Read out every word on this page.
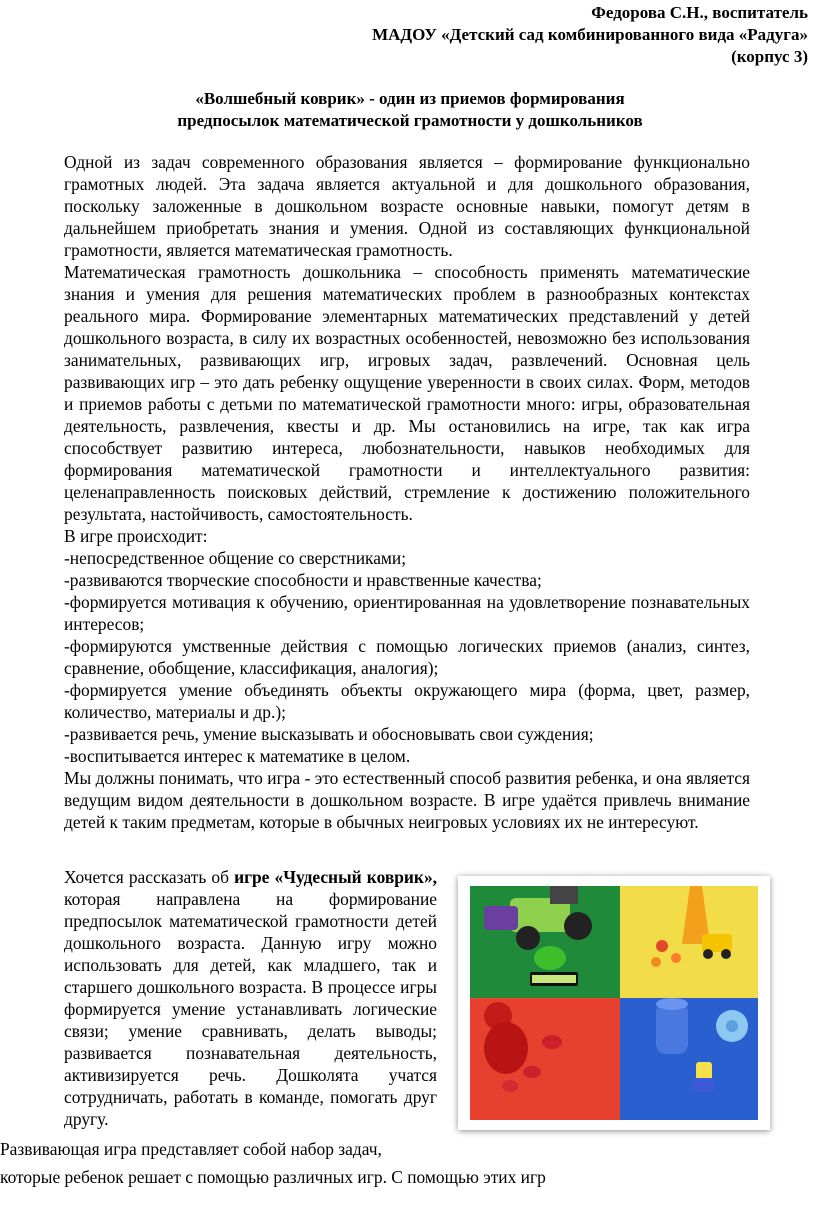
Федорова С.Н., воспитатель
МАДОУ «Детский сад комбинированного вида «Радуга»
(корпус 3)
«Волшебный коврик» - один из приемов формирования
предпосылок математической грамотности у дошкольников

Одной из задач современного образования является – формирование функционально грамотных людей. Эта задача является актуальной и для дошкольного образования, поскольку заложенные в дошкольном возрасте основные навыки, помогут детям в дальнейшем приобретать знания и умения. Одной из составляющих функциональной грамотности, является математическая грамотность.

Математическая грамотность дошкольника – способность применять математические знания и умения для решения математических проблем в разнообразных контекстах реального мира. Формирование элементарных математических представлений у детей дошкольного возраста, в силу их возрастных особенностей, невозможно без использования занимательных, развивающих игр, игровых задач, развлечений. Основная цель развивающих игр – это дать ребенку ощущение уверенности в своих силах. Форм, методов и приемов работы с детьми по математической грамотности много: игры, образовательная деятельность, развлечения, квесты и др. Мы остановились на игре, так как игра способствует развитию интереса, любознательности, навыков необходимых для формирования математической грамотности и интеллектуального развития: целенаправленность поисковых действий, стремление к достижению положительного результата, настойчивость, самостоятельность.

В игре происходит:

-непосредственное общение со сверстниками;

-развиваются творческие способности и нравственные качества;

-формируется мотивация к обучению, ориентированная на удовлетворение познавательных интересов;

-формируются умственные действия с помощью логических приемов (анализ, синтез, сравнение, обобщение, классификация, аналогия);

-формируется умение объединять объекты окружающего мира (форма, цвет, размер, количество, материалы и др.);

-развивается речь, умение высказывать и обосновывать свои суждения;

-воспитывается интерес к математике в целом.

Мы должны понимать, что игра - это естественный способ развития ребенка, и она является ведущим видом деятельности в дошкольном возрасте. В игре удаётся привлечь внимание детей к таким предметам, которые в обычных неигровых условиях их не интересуют.

Хочется рассказать об игре «Чудесный коврик», которая направлена на формирование предпосылок математической грамотности детей дошкольного возраста. Данную игру можно использовать для детей, как младшего, так и старшего дошкольного возраста. В процессе игры формируется умение устанавливать логические связи; умение сравнивать, делать выводы; развивается познавательная деятельность, активизируется речь. Дошколята учатся сотрудничать, работать в команде, помогать друг другу.

Развивающая игра представляет собой набор задач,

которые ребенок решает с помощью различных игр. С помощью этих игр
